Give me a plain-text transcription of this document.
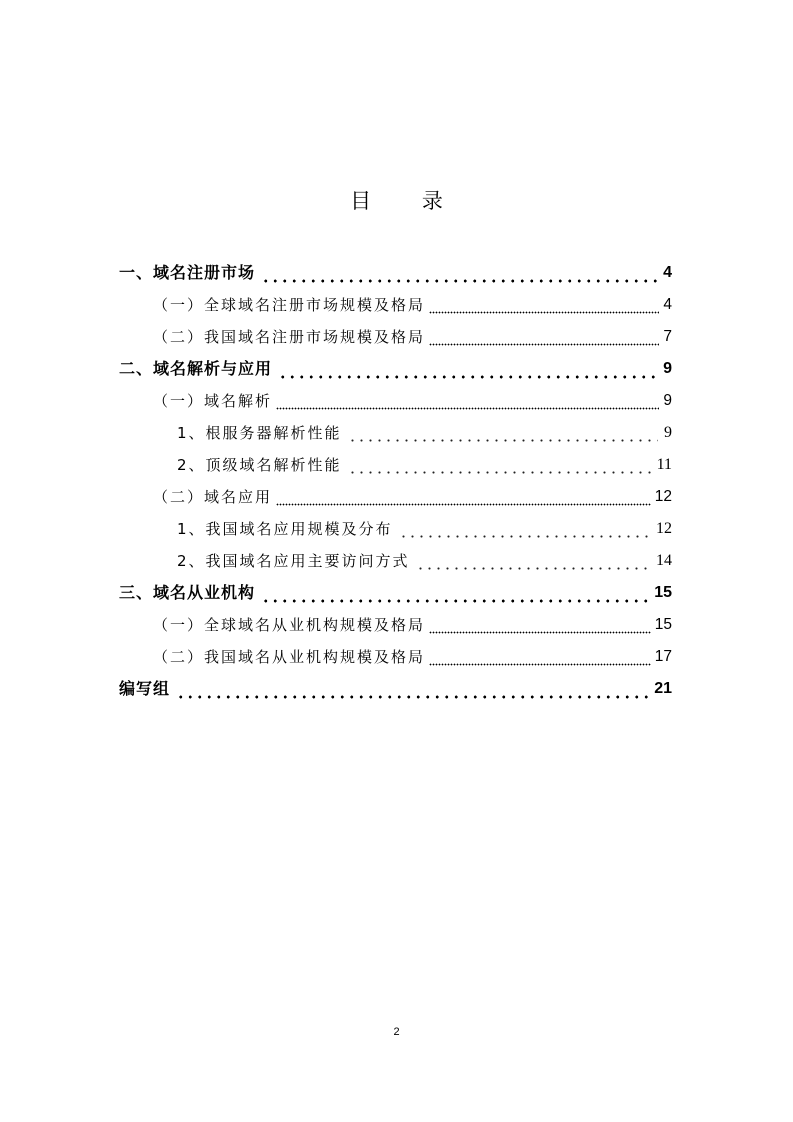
目 录
一、域名注册市场	4
（一）全球域名注册市场规模及格局	4
（二）我国域名注册市场规模及格局	7
二、域名解析与应用	9
（一）域名解析	9
1、根服务器解析性能	9
2、顶级域名解析性能	11
（二）域名应用	12
1、我国域名应用规模及分布	12
2、我国域名应用主要访问方式	14
三、域名从业机构	15
（一）全球域名从业机构规模及格局	15
（二）我国域名从业机构规模及格局	17
编写组	21
2
